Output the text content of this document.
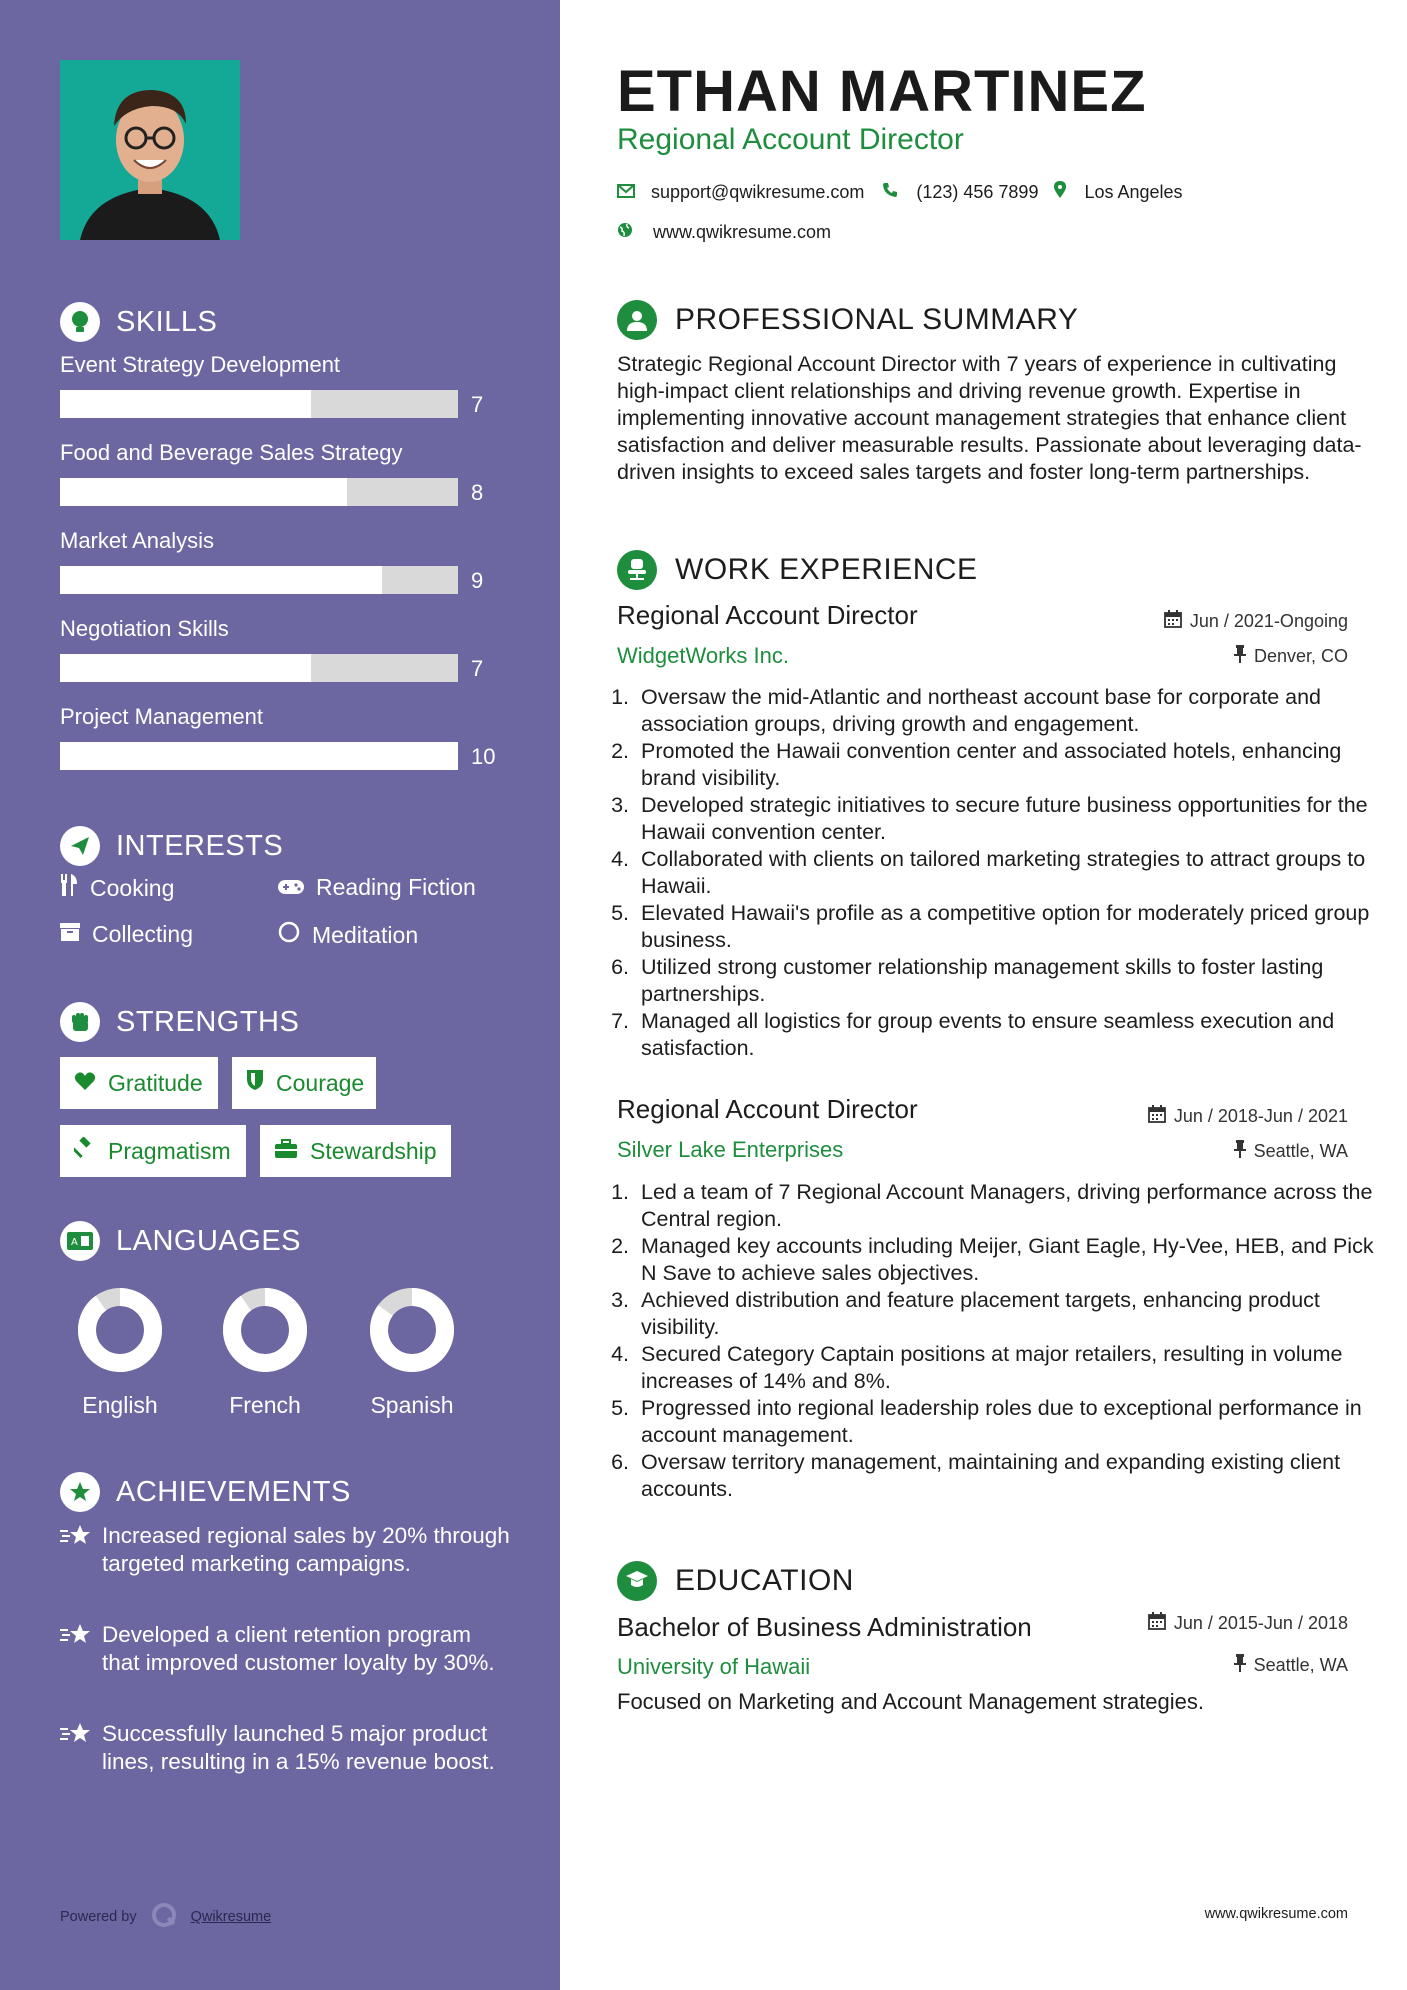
SKILLS
Event Strategy Development
7
Food and Beverage Sales Strategy
8
Market Analysis
9
Negotiation Skills
7
Project Management
10
INTERESTS
Cooking	Reading Fiction
Collecting	Meditation
STRENGTHS
Gratitude	Courage
Pragmatism	Stewardship
A LANGUAGES
English	French	Spanish
ACHIEVEMENTS
Increased regional sales by 20% through targeted marketing campaigns.
Developed a client retention program that improved customer loyalty by 30%.
Successfully launched 5 major product lines, resulting in a 15% revenue boost.
Powered by	Qwikresume
ETHAN MARTINEZ
Regional Account Director
support@qwikresume.com	(123) 456 7899	Los Angeles
www.qwikresume.com
PROFESSIONAL SUMMARY
Strategic Regional Account Director with 7 years of experience in cultivating high-impact client relationships and driving revenue growth. Expertise in implementing innovative account management strategies that enhance client satisfaction and deliver measurable results. Passionate about leveraging data-driven insights to exceed sales targets and foster long-term partnerships.
WORK EXPERIENCE
Regional Account Director	Jun / 2021-Ongoing
WidgetWorks Inc.	Denver, CO
1. Oversaw the mid-Atlantic and northeast account base for corporate and association groups, driving growth and engagement.
2. Promoted the Hawaii convention center and associated hotels, enhancing brand visibility.
3. Developed strategic initiatives to secure future business opportunities for the Hawaii convention center.
4. Collaborated with clients on tailored marketing strategies to attract groups to Hawaii.
5. Elevated Hawaii's profile as a competitive option for moderately priced group business.
6. Utilized strong customer relationship management skills to foster lasting partnerships.
7. Managed all logistics for group events to ensure seamless execution and satisfaction.
Regional Account Director	Jun / 2018-Jun / 2021
Silver Lake Enterprises	Seattle, WA
1. Led a team of 7 Regional Account Managers, driving performance across the Central region.
2. Managed key accounts including Meijer, Giant Eagle, Hy-Vee, HEB, and Pick N Save to achieve sales objectives.
3. Achieved distribution and feature placement targets, enhancing product visibility.
4. Secured Category Captain positions at major retailers, resulting in volume increases of 14% and 8%.
5. Progressed into regional leadership roles due to exceptional performance in account management.
6. Oversaw territory management, maintaining and expanding existing client accounts.
EDUCATION
Bachelor of Business Administration	Jun / 2015-Jun / 2018
University of Hawaii	Seattle, WA
Focused on Marketing and Account Management strategies.
www.qwikresume.com
